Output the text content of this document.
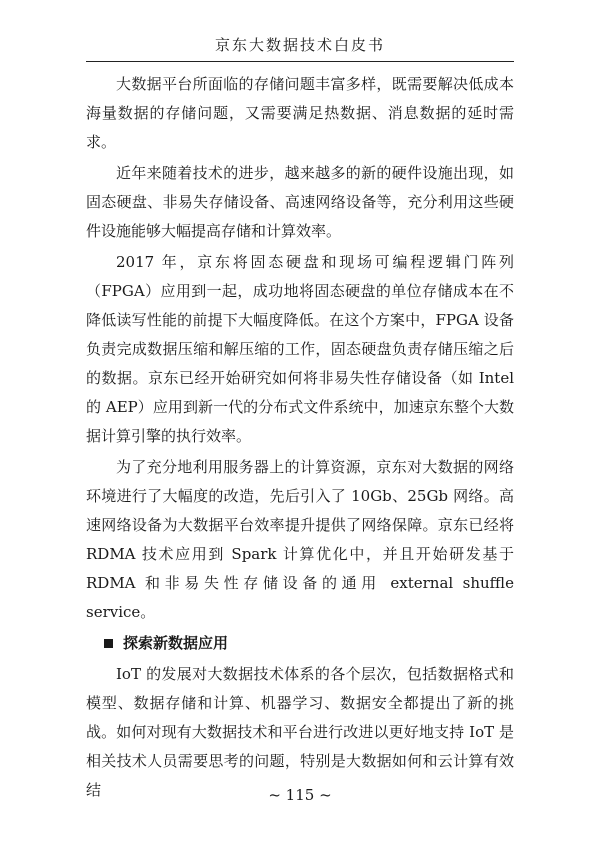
京东大数据技术白皮书

大数据平台所面临的存储问题丰富多样，既需要解决低成本海量数据的存储问题，又需要满足热数据、消息数据的延时需求。

近年来随着技术的进步，越来越多的新的硬件设施出现，如固态硬盘、非易失存储设备、高速网络设备等，充分利用这些硬件设施能够大幅提高存储和计算效率。

2017 年，京东将固态硬盘和现场可编程逻辑门阵列（FPGA）应用到一起，成功地将固态硬盘的单位存储成本在不降低读写性能的前提下大幅度降低。在这个方案中，FPGA 设备负责完成数据压缩和解压缩的工作，固态硬盘负责存储压缩之后的数据。京东已经开始研究如何将非易失性存储设备（如 Intel 的 AEP）应用到新一代的分布式文件系统中，加速京东整个大数据计算引擎的执行效率。

为了充分地利用服务器上的计算资源，京东对大数据的网络环境进行了大幅度的改造，先后引入了 10Gb、25Gb 网络。高速网络设备为大数据平台效率提升提供了网络保障。京东已经将 RDMA 技术应用到 Spark 计算优化中，并且开始研发基于 RDMA 和非易失性存储设备的通用 external shuffle service。

探索新数据应用

IoT 的发展对大数据技术体系的各个层次，包括数据格式和模型、数据存储和计算、机器学习、数据安全都提出了新的挑战。如何对现有大数据技术和平台进行改进以更好地支持 IoT 是相关技术人员需要思考的问题，特别是大数据如何和云计算有效结	~ 115 ~
